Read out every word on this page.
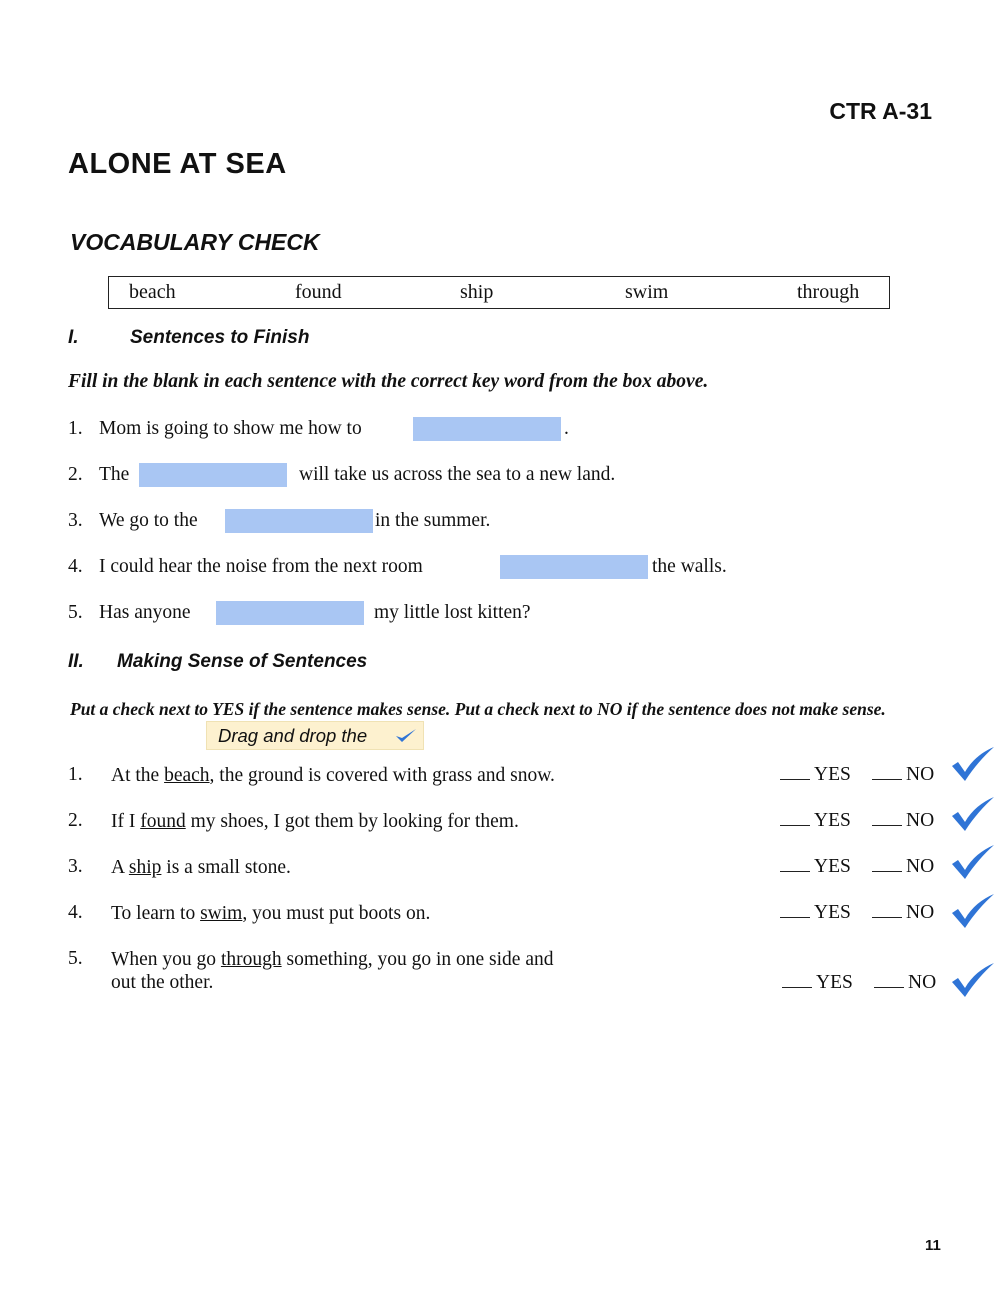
CTR A-31
ALONE AT SEA
VOCABULARY CHECK
beach	found	ship	swim	through
I.	Sentences to Finish
Fill in the blank in each sentence with the correct key word from the box above.
1. Mom is going to show me how to	.
2. The	will take us across the sea to a new land.
3. We go to the	in the summer.
4. I could hear the noise from the next room	the walls.
5. Has anyone	my little lost kitten?
II. Making Sense of Sentences
Put a check next to YES if the sentence makes sense. Put a check next to NO if the sentence does not make sense.
Drag and drop the
1. At the beach, the ground is covered with grass and snow.	YES	NO
2. If I found my shoes, I got them by looking for them.	YES	NO
3. A ship is a small stone.	YES	NO
4. To learn to swim, you must put boots on.	YES	NO
5. When you go through something, you go in one side and
out the other.	YES	NO
11
